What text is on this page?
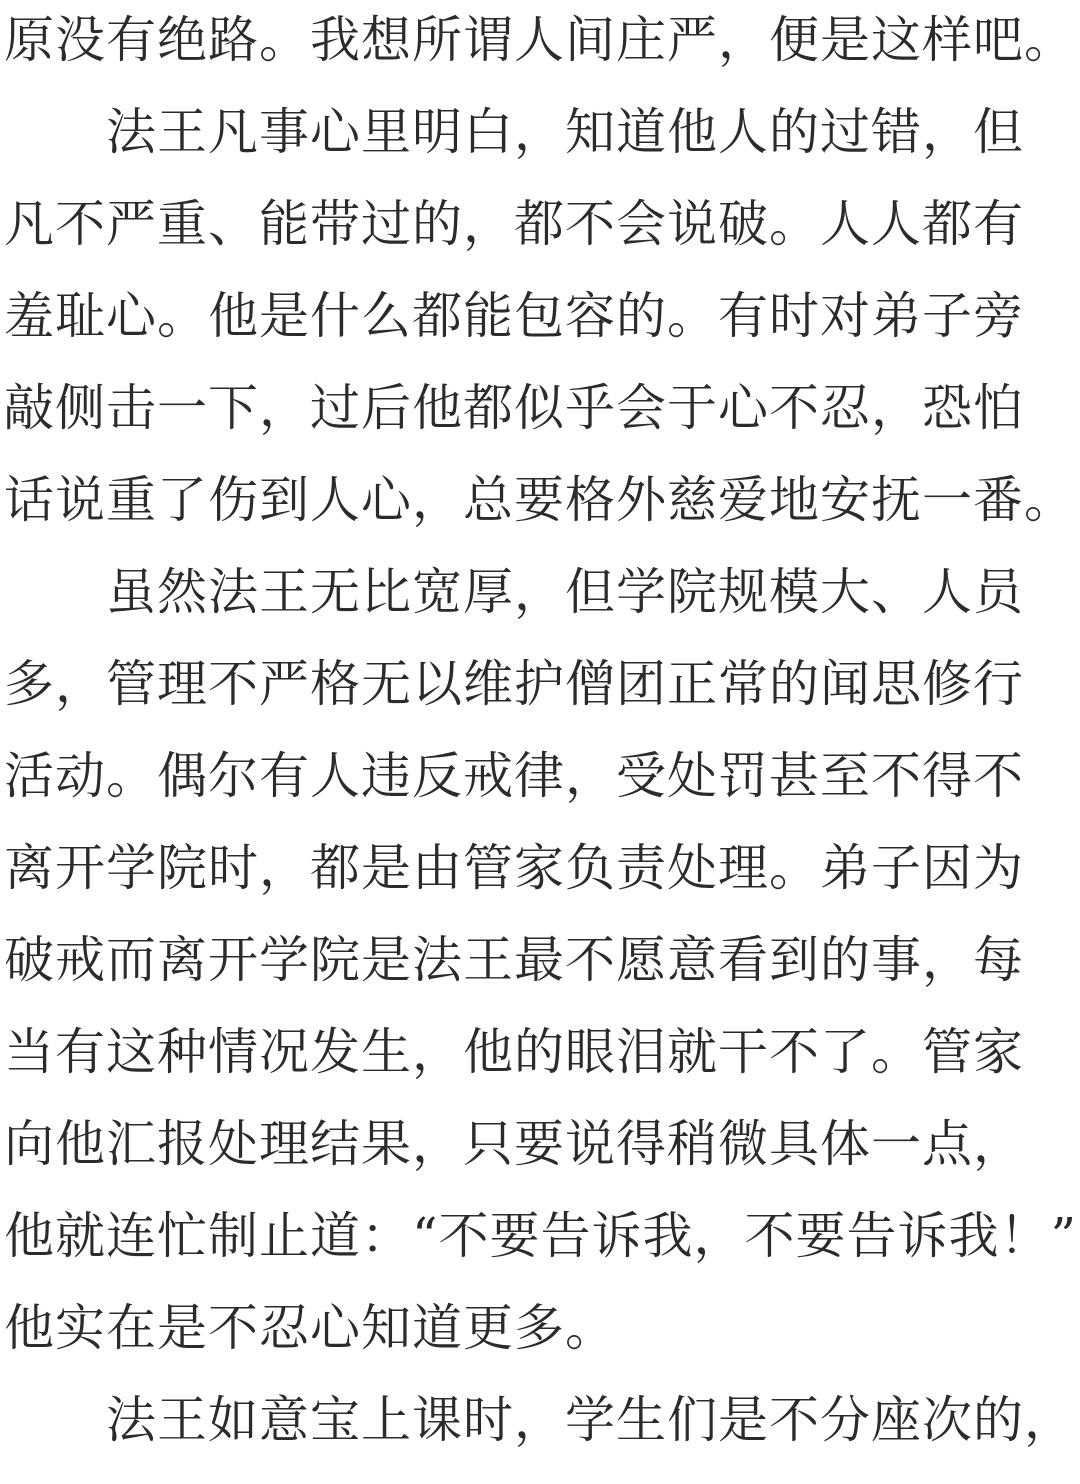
原没有绝路。我想所谓人间庄严，便是这样吧。
法王凡事心里明白，知道他人的过错，但
凡不严重、能带过的，都不会说破。人人都有
羞耻心。他是什么都能包容的。有时对弟子旁
敲侧击一下，过后他都似乎会于心不忍，恐怕
话说重了伤到人心，总要格外慈爱地安抚一番。
虽然法王无比宽厚，但学院规模大、人员
多，管理不严格无以维护僧团正常的闻思修行
活动。偶尔有人违反戒律，受处罚甚至不得不
离开学院时，都是由管家负责处理。弟子因为
破戒而离开学院是法王最不愿意看到的事，每
当有这种情况发生，他的眼泪就干不了。管家
向他汇报处理结果，只要说得稍微具体一点，
他就连忙制止道：“不要告诉我，不要告诉我！”
他实在是不忍心知道更多。
法王如意宝上课时，学生们是不分座次的，
